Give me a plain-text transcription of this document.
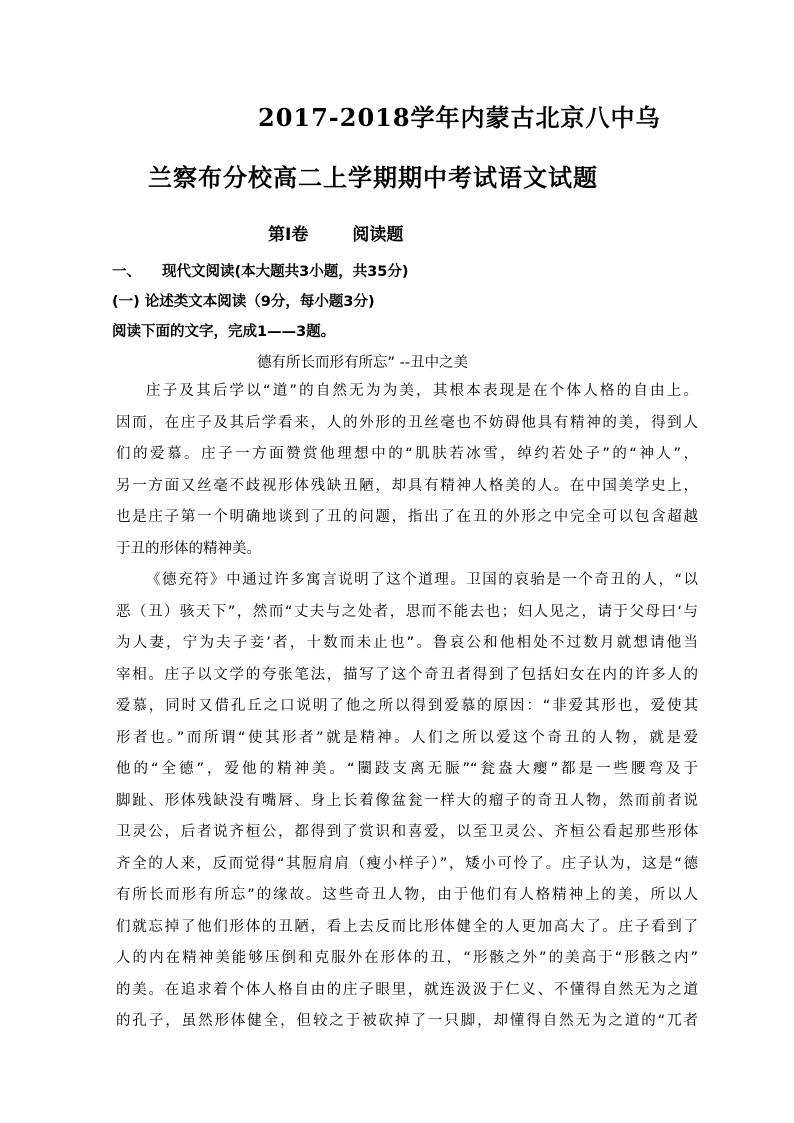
2017-2018学年内蒙古北京八中乌
兰察布分校高二上学期期中考试语文试题
第Ⅰ卷	阅读题
一、 现代文阅读(本大题共3小题，共35分)
(一) 论述类文本阅读（9分，每小题3分)
阅读下面的文字，完成1——3题。
德有所长而形有所忘” --丑中之美
庄子及其后学以“道”的自然无为为美，其根本表现是在个体人格的自由上。
因而，在庄子及其后学看来，人的外形的丑丝毫也不妨碍他具有精神的美，得到人
们的爱慕。庄子一方面赞赏他理想中的“肌肤若冰雪，绰约若处子”的“神人”，
另一方面又丝毫不歧视形体残缺丑陋，却具有精神人格美的人。在中国美学史上，
也是庄子第一个明确地谈到了丑的问题，指出了在丑的外形之中完全可以包含超越
于丑的形体的精神美。
《德充符》中通过许多寓言说明了这个道理。卫国的哀骀是一个奇丑的人，“以
恶（丑）骇天下”，然而“丈夫与之处者，思而不能去也；妇人见之，请于父母曰‘与
为人妻，宁为夫子妾’者，十数而未止也”。鲁哀公和他相处不过数月就想请他当
宰相。庄子以文学的夸张笔法，描写了这个奇丑者得到了包括妇女在内的许多人的
爱慕，同时又借孔丘之口说明了他之所以得到爱慕的原因：“非爱其形也，爱使其
形者也。”而所谓“使其形者”就是精神。人们之所以爱这个奇丑的人物，就是爱
他的“全德”，爱他的精神美。“闉跂支离无脤”“瓮盎大瘿”都是一些腰弯及于
脚趾、形体残缺没有嘴唇、身上长着像盆瓮一样大的瘤子的奇丑人物，然而前者说
卫灵公，后者说齐桓公，都得到了赏识和喜爱，以至卫灵公、齐桓公看起那些形体
齐全的人来，反而觉得“其脰肩肩（瘦小样子）”，矮小可怜了。庄子认为，这是“德
有所长而形有所忘”的缘故。这些奇丑人物，由于他们有人格精神上的美，所以人
们就忘掉了他们形体的丑陋，看上去反而比形体健全的人更加高大了。庄子看到了
人的内在精神美能够压倒和克服外在形体的丑，“形骸之外”的美高于“形骸之内”
的美。在追求着个体人格自由的庄子眼里，就连汲汲于仁义、不懂得自然无为之道
的孔子，虽然形体健全，但较之于被砍掉了一只脚，却懂得自然无为之道的“兀者
